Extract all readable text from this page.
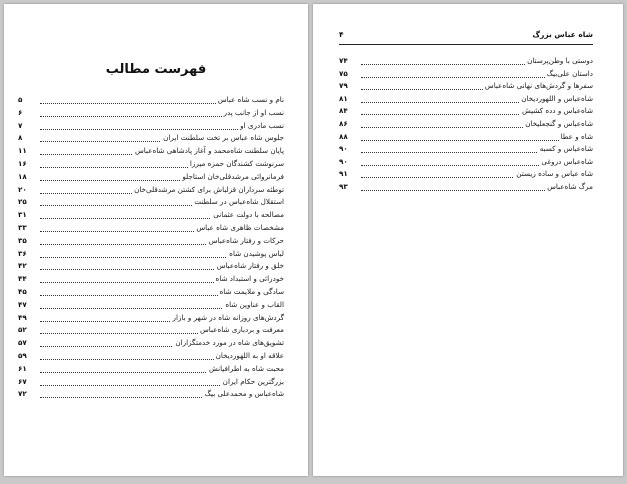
فهرست مطالب
نام و نسب شاه عباس
۵
نسب او از جانب پدر
۶
نسب مادری او
۷
جلوس شاه عباس بر تخت سلطنت ایران
۸
پایان سلطنت شاه‌محمد و آغاز پادشاهی شاه‌عباس
۱۱
سرنوشت کشندگان حمزه میرزا
۱۶
فرمانروائی مرشدقلی‌خان استاجلو
۱۸
توطئه سرداران قزلباش برای کشتن مرشدقلی‌خان
۲۰
استقلال شاه‌عباس در سلطنت
۲۵
مصالحه با دولت عثمانی
۳۱
مشخصات ظاهری شاه عباس
۳۳
حرکات و رفتار شاه‌عباس
۳۵
لباس پوشیدن شاه
۳۶
خلق و رفتار شاه‌عباس
۴۲
خودرائی و استبداد شاه
۴۴
سادگی و ملایمت شاه
۴۵
القاب و عناوین شاه
۴۷
گردش‌های روزانه شاه در شهر و بازار
۴۹
معرفت و بردباری شاه‌عباس
۵۲
تشویق‌های شاه در مورد خدمتگزاران
۵۷
علاقه او به اللهوردیخان
۵۹
محبت شاه به اطرافیانش
۶۱
بزرگترین حکام ایران
۶۷
شاه‌عباس و محمدعلی بیگ
۷۲
شاه عباس بزرگ
۴
دوستی با وطن‌پرستان
۷۴
داستان علی‌بیگ
۷۵
سفرها و گردش‌های نهانی شاه‌عباس
۷۹
شاه‌عباس و اللهوردیخان
۸۱
شاه‌عباس و دده کشیش
۸۴
شاه‌عباس و گنجعلیخان
۸۶
شاه و عطا
۸۸
شاه‌عباس و کسبه
۹۰
شاه‌عباس دروغی
۹۰
شاه عباس و ساده زیستن
۹۱
مرگ شاه‌عباس
۹۳
